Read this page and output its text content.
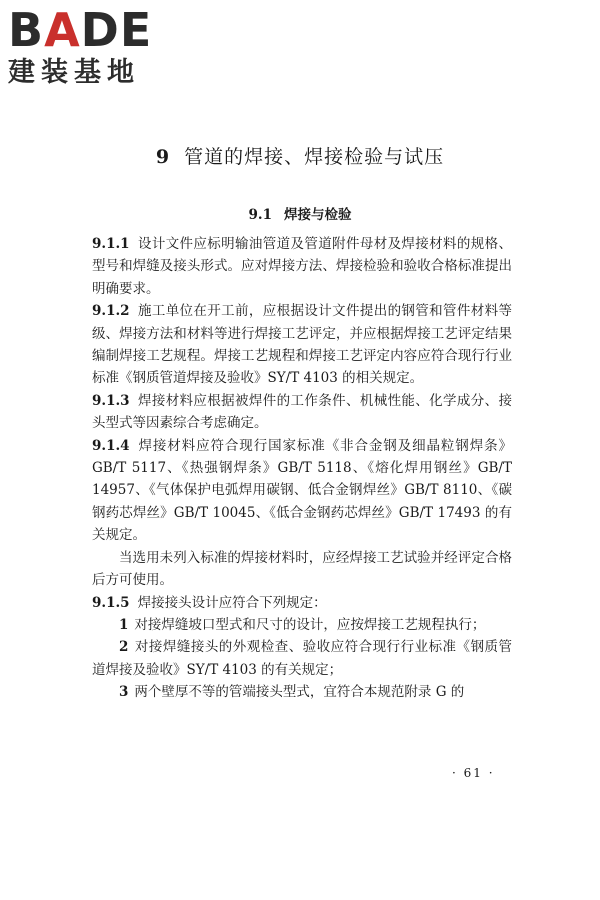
BADE
建装基地
9 管道的焊接、焊接检验与试压
9.1 焊接与检验

9.1.1 设计文件应标明输油管道及管道附件母材及焊接材料的规格、型号和焊缝及接头形式。应对焊接方法、焊接检验和验收合格标准提出明确要求。

9.1.2 施工单位在开工前，应根据设计文件提出的钢管和管件材料等级、焊接方法和材料等进行焊接工艺评定，并应根据焊接工艺评定结果编制焊接工艺规程。焊接工艺规程和焊接工艺评定内容应符合现行行业标准《钢质管道焊接及验收》SY/T 4103 的相关规定。

9.1.3 焊接材料应根据被焊件的工作条件、机械性能、化学成分、接头型式等因素综合考虑确定。

9.1.4 焊接材料应符合现行国家标准《非合金钢及细晶粒钢焊条》GB/T 5117、《热强钢焊条》GB/T 5118、《熔化焊用钢丝》GB/T 14957、《气体保护电弧焊用碳钢、低合金钢焊丝》GB/T 8110、《碳钢药芯焊丝》GB/T 10045、《低合金钢药芯焊丝》GB/T 17493 的有关规定。

当选用未列入标准的焊接材料时，应经焊接工艺试验并经评定合格后方可使用。

9.1.5 焊接接头设计应符合下列规定：

1 对接焊缝坡口型式和尺寸的设计，应按焊接工艺规程执行；

2 对接焊缝接头的外观检查、验收应符合现行行业标准《钢质管道焊接及验收》SY/T 4103 的有关规定；

3 两个壁厚不等的管端接头型式，宜符合本规范附录 G 的

· 61 ·
